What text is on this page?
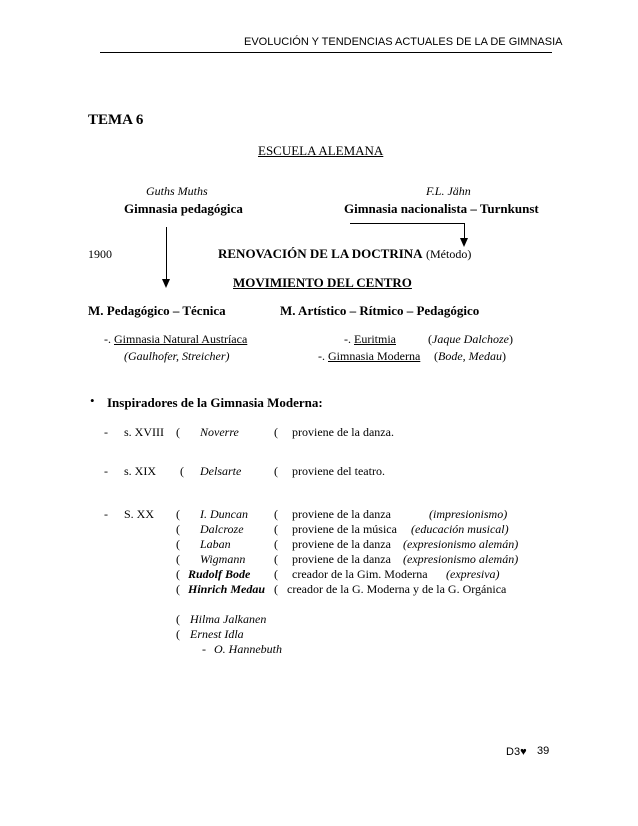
EVOLUCIÓN Y TENDENCIAS ACTUALES DE LA DE GIMNASIA
TEMA 6
ESCUELA ALEMANA
Guths Muths
Gimnasia pedagógica
F.L. Jähn
Gimnasia nacionalista – Turnkunst
1900	RENOVACIÓN DE LA DOCTRINA (Método)
MOVIMIENTO DEL CENTRO
M. Pedagógico – Técnica	M. Artístico – Rítmico – Pedagógico
-. Gimnasia Natural Austríaca
(Gaulhofer, Streicher)
-. Euritmia	(Jaque Dalchoze)
-. Gimnasia Moderna (Bode, Medau)
• Inspiradores de la Gimnasia Moderna:
- s. XVIII ( Noverre	( proviene de la danza.
- s. XIX ( Delsarte	( proviene del teatro.
- S. XX ( I. Duncan ( proviene de la danza	(impresionismo)
( Dalcroze	( proviene de la música (educación musical)
( Laban	( proviene de la danza (expresionismo alemán)
( Wigmann ( proviene de la danza (expresionismo alemán)
( Rudolf Bode ( creador de la Gim. Moderna (expresiva)
( Hinrich Medau ( creador de la G. Moderna y de la G. Orgánica
( Hilma Jalkanen
( Ernest Idla
- O. Hannebuth
D3♥ 39
